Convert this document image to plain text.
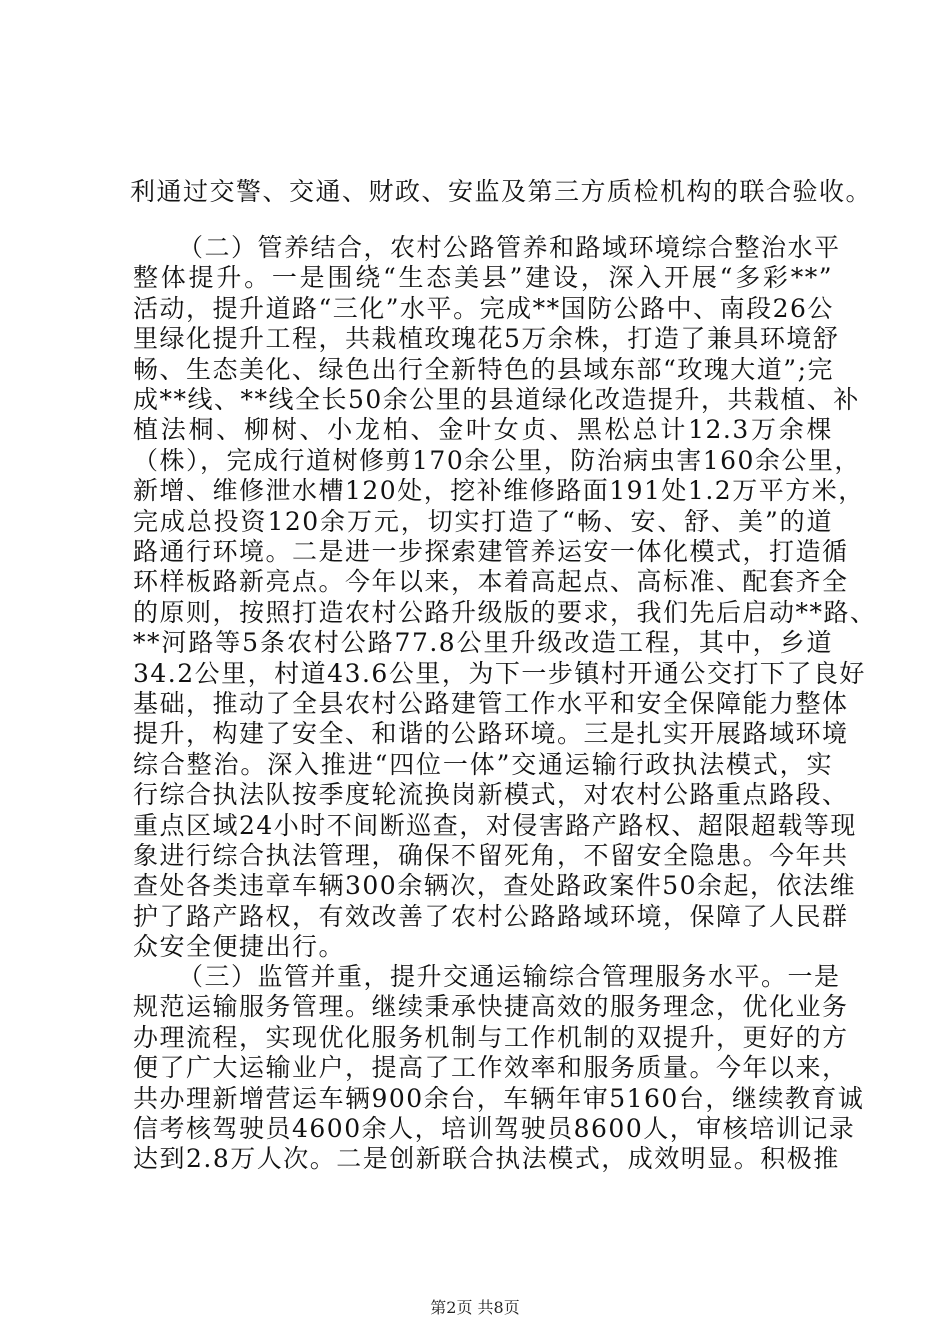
利通过交警、交通、财政、安监及第三方质检机构的联合验收。
（二）管养结合，农村公路管养和路域环境综合整治水平
整体提升。一是围绕“生态美县”建设，深入开展“多彩**”
活动，提升道路“三化”水平。完成**国防公路中、南段26公
里绿化提升工程，共栽植玫瑰花5万余株，打造了兼具环境舒
畅、生态美化、绿色出行全新特色的县域东部“玫瑰大道”;完
成**线、**线全长50余公里的县道绿化改造提升，共栽植、补
植法桐、柳树、小龙柏、金叶女贞、黑松总计12.3万余棵
（株），完成行道树修剪170余公里，防治病虫害160余公里，
新增、维修泄水槽120处，挖补维修路面191处1.2万平方米，
完成总投资120余万元，切实打造了“畅、安、舒、美”的道
路通行环境。二是进一步探索建管养运安一体化模式，打造循
环样板路新亮点。今年以来，本着高起点、高标准、配套齐全
的原则，按照打造农村公路升级版的要求，我们先后启动**路、
**河路等5条农村公路77.8公里升级改造工程，其中，乡道
34.2公里，村道43.6公里，为下一步镇村开通公交打下了良好
基础，推动了全县农村公路建管工作水平和安全保障能力整体
提升，构建了安全、和谐的公路环境。三是扎实开展路域环境
综合整治。深入推进“四位一体”交通运输行政执法模式，实
行综合执法队按季度轮流换岗新模式，对农村公路重点路段、
重点区域24小时不间断巡查，对侵害路产路权、超限超载等现
象进行综合执法管理，确保不留死角，不留安全隐患。今年共
查处各类违章车辆300余辆次，查处路政案件50余起，依法维
护了路产路权，有效改善了农村公路路域环境，保障了人民群
众安全便捷出行。
（三）监管并重，提升交通运输综合管理服务水平。一是
规范运输服务管理。继续秉承快捷高效的服务理念，优化业务
办理流程，实现优化服务机制与工作机制的双提升，更好的方
便了广大运输业户，提高了工作效率和服务质量。今年以来，
共办理新增营运车辆900余台，车辆年审5160台，继续教育诚
信考核驾驶员4600余人，培训驾驶员8600人，审核培训记录
达到2.8万人次。二是创新联合执法模式，成效明显。积极推
第2页 共8页
